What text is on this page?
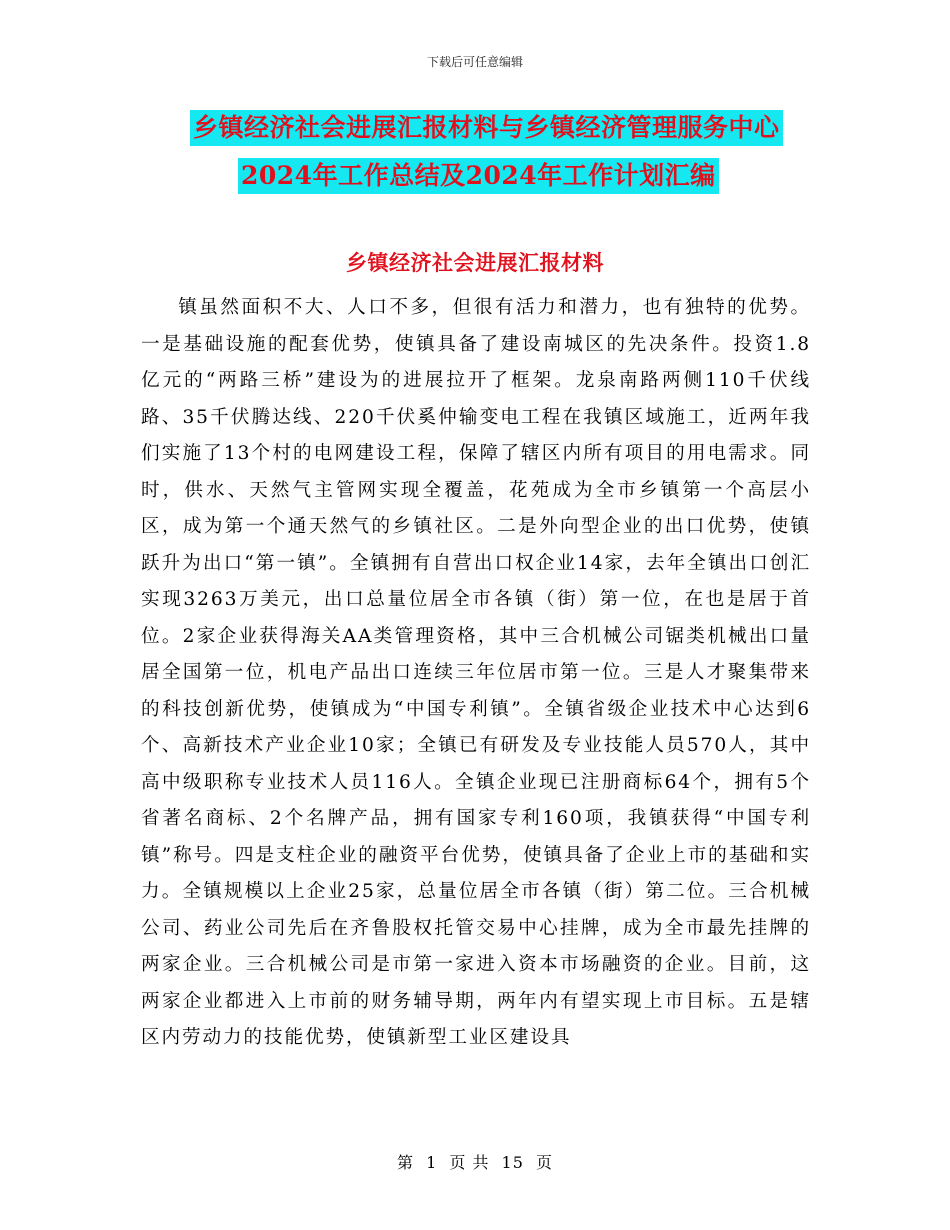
下载后可任意编辑
乡镇经济社会进展汇报材料与乡镇经济管理服务中心
2024年工作总结及2024年工作计划汇编
乡镇经济社会进展汇报材料

镇虽然面积不大、人口不多，但很有活力和潜力，也有独特的优势。一是基础设施的配套优势，使镇具备了建设南城区的先决条件。投资1.8亿元的“两路三桥”建设为的进展拉开了框架。龙泉南路两侧110千伏线路、35千伏腾达线、220千伏奚仲输变电工程在我镇区域施工，近两年我们实施了13个村的电网建设工程，保障了辖区内所有项目的用电需求。同时，供水、天然气主管网实现全覆盖，花苑成为全市乡镇第一个高层小区，成为第一个通天然气的乡镇社区。二是外向型企业的出口优势，使镇跃升为出口“第一镇”。全镇拥有自营出口权企业14家，去年全镇出口创汇实现3263万美元，出口总量位居全市各镇（街）第一位，在也是居于首位。2家企业获得海关AA类管理资格，其中三合机械公司锯类机械出口量居全国第一位，机电产品出口连续三年位居市第一位。三是人才聚集带来的科技创新优势，使镇成为“中国专利镇”。全镇省级企业技术中心达到6个、高新技术产业企业10家；全镇已有研发及专业技能人员570人，其中高中级职称专业技术人员116人。全镇企业现已注册商标64个，拥有5个省著名商标、2个名牌产品，拥有国家专利160项，我镇获得“中国专利镇”称号。四是支柱企业的融资平台优势，使镇具备了企业上市的基础和实力。全镇规模以上企业25家，总量位居全市各镇（街）第二位。三合机械公司、药业公司先后在齐鲁股权托管交易中心挂牌，成为全市最先挂牌的两家企业。三合机械公司是市第一家进入资本市场融资的企业。目前，这两家企业都进入上市前的财务辅导期，两年内有望实现上市目标。五是辖区内劳动力的技能优势，使镇新型工业区建设具

第 1 页 共 15 页
